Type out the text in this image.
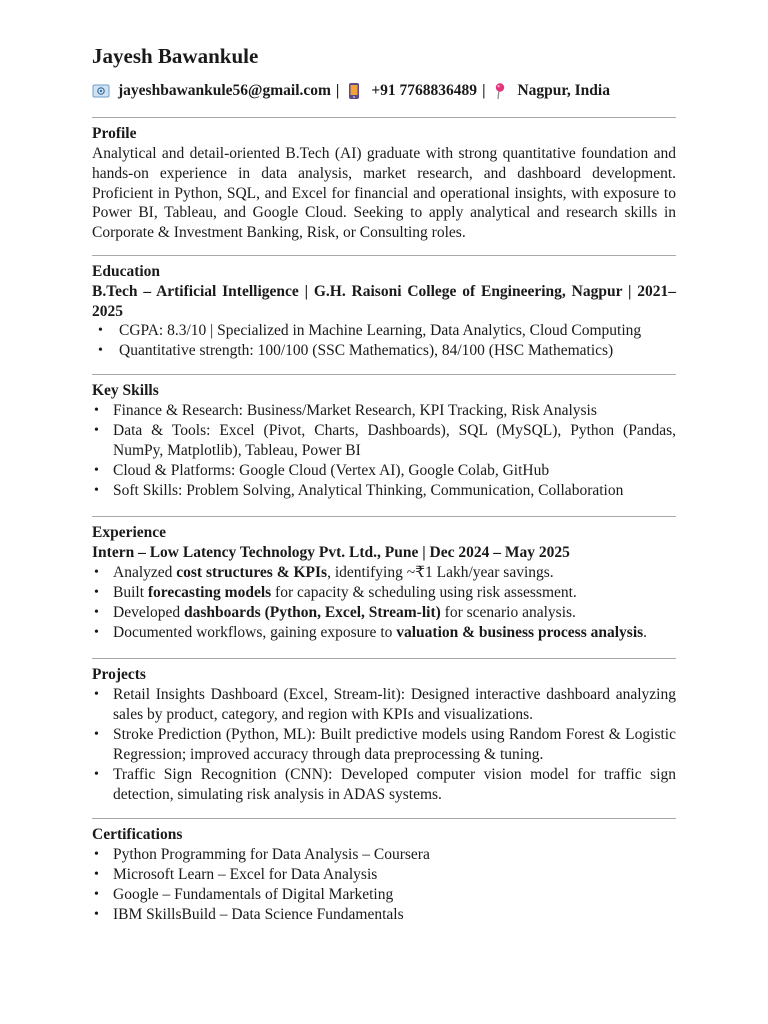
Jayesh Bawankule
jayeshbawankule56@gmail.com | +91 7768836489 | Nagpur, India
Profile

Analytical and detail-oriented B.Tech (AI) graduate with strong quantitative foundation and hands-on experience in data analysis, market research, and dashboard development. Proficient in Python, SQL, and Excel for financial and operational insights, with exposure to Power BI, Tableau, and Google Cloud. Seeking to apply analytical and research skills in Corporate & Investment Banking, Risk, or Consulting roles.

Education

B.Tech – Artificial Intelligence | G.H. Raisoni College of Engineering, Nagpur | 2021–2025

• CGPA: 8.3/10 | Specialized in Machine Learning, Data Analytics, Cloud Computing
• Quantitative strength: 100/100 (SSC Mathematics), 84/100 (HSC Mathematics)
Key Skills
• Finance & Research: Business/Market Research, KPI Tracking, Risk Analysis
• Data & Tools: Excel (Pivot, Charts, Dashboards), SQL (MySQL), Python (Pandas, NumPy, Matplotlib), Tableau, Power BI
• Cloud & Platforms: Google Cloud (Vertex AI), Google Colab, GitHub
• Soft Skills: Problem Solving, Analytical Thinking, Communication, Collaboration
Experience

Intern – Low Latency Technology Pvt. Ltd., Pune | Dec 2024 – May 2025

• Analyzed cost structures & KPIs, identifying ~₹1 Lakh/year savings.
• Built forecasting models for capacity & scheduling using risk assessment.
• Developed dashboards (Python, Excel, Stream-lit) for scenario analysis.
• Documented workflows, gaining exposure to valuation & business process analysis.
Projects
• Retail Insights Dashboard (Excel, Stream-lit): Designed interactive dashboard analyzing sales by product, category, and region with KPIs and visualizations.
• Stroke Prediction (Python, ML): Built predictive models using Random Forest & Logistic Regression; improved accuracy through data preprocessing & tuning.
• Traffic Sign Recognition (CNN): Developed computer vision model for traffic sign detection, simulating risk analysis in ADAS systems.
Certifications
• Python Programming for Data Analysis – Coursera
• Microsoft Learn – Excel for Data Analysis
• Google – Fundamentals of Digital Marketing
• IBM SkillsBuild – Data Science Fundamentals
